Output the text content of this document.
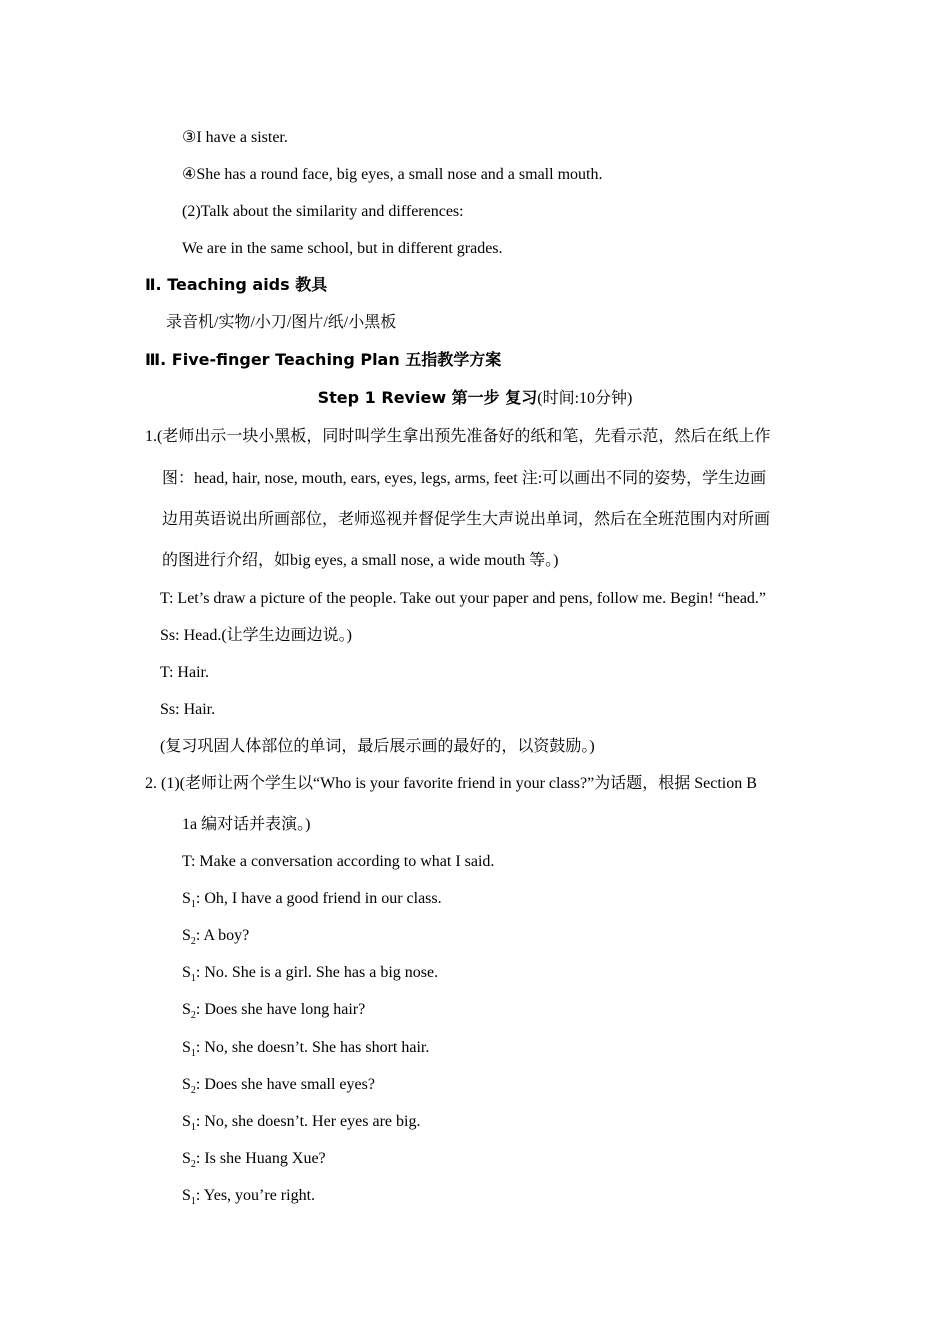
③I have a sister.
④She has a round face, big eyes, a small nose and a small mouth.
(2)Talk about the similarity and differences:
We are in the same school, but in different grades.
Ⅱ. Teaching aids 教具
录音机/实物/小刀/图片/纸/小黑板
Ⅲ. Five-finger Teaching Plan 五指教学方案
Step 1 Review 第一步 复习(时间:10分钟)
1.(老师出示一块小黑板，同时叫学生拿出预先准备好的纸和笔，先看示范，然后在纸上作
图：head, hair, nose, mouth, ears, eyes, legs, arms, feet 注:可以画出不同的姿势，学生边画
边用英语说出所画部位，老师巡视并督促学生大声说出单词，然后在全班范围内对所画
的图进行介绍，如big eyes, a small nose, a wide mouth 等。)
T: Let’s draw a picture of the people. Take out your paper and pens, follow me. Begin! “head.”
Ss: Head.(让学生边画边说。)
T: Hair.
Ss: Hair.
(复习巩固人体部位的单词，最后展示画的最好的，以资鼓励。)
2. (1)(老师让两个学生以“Who is your favorite friend in your class?”为话题，根据 Section B
1a 编对话并表演。)
T: Make a conversation according to what I said.
$S_1$: Oh, I have a good friend in our class.
$S_2$: A boy?
$S_1$: No. She is a girl. She has a big nose.
$S_2$: Does she have long hair?
$S_1$: No, she doesn’t. She has short hair.
$S_2$: Does she have small eyes?
$S_1$: No, she doesn’t. Her eyes are big.
$S_2$: Is she Huang Xue?
$S_1$: Yes, you’re right.
